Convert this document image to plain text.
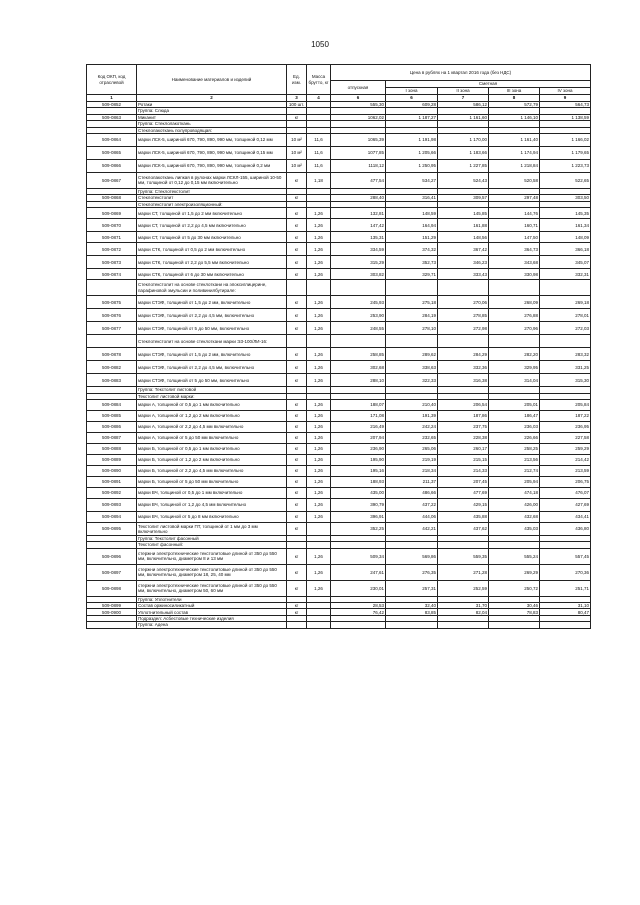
1050
Код ОКП, код отраслевой	Наименование материалов и изделий	Ед. изм.	Масса брутто, кг	Цена в рублях на 1 квартал 2016 года (без НДС)				
				отпускная	Сметная			
					I зона	II зона	III зона	IV зона
1	2	3	4	6	6	7	8	9
509-0852	Ротаки	100 шт.		555,30	609,28	586,12	572,79	564,73
	Группа: Слюда							
509-0863	Миканит	кг		1062,02	1 187,27	1 161,60	1 146,10	1 138,59
	Группа: Стеклолакоткань							
	Стеклолакоткань полупроводящая:							
509-0864	марки ЛСК-5, шириной 670, 790, 890, 990 мм, толщиной 0,12 мм	10 м²	11,6	1065,39	1 191,98	1 170,00	1 161,40	1 166,02
509-0865	марки ЛСК-5, шириной 670, 790, 890, 990 мм, толщиной 0,15 мм	10 м²	11,6	1077,85	1 205,66	1 183,66	1 174,94	1 179,65
509-0866	марки ЛСК-5, шириной 670, 790, 890, 990 мм, толщиной 0,2 мм	10 м²	11,6	1118,12	1 250,95	1 227,85	1 218,84	1 223,73
509-0867	Стеклолакоткань липкая в рулонах марки ЛСКЛ-155, шириной 10-50 мм, толщиной от 0,12 до 0,15 мм включительно	кг	1,18	477,54	534,27	524,43	520,58	522,65
	Группа: Стеклотекстолит							
509-0868	Стеклотекстолит	кг		288,40	316,41	309,57	297,48	303,50
	Стеклотекстолит электроизоляционный:							
509-0869	марки СТ, толщиной от 1,5 до 2 мм включительно	кг	1,26	132,81	148,59	145,85	144,76	145,35
509-0870	марки СТ, толщиной от 2,2 до 4,5 мм включительно	кг	1,26	147,42	164,94	161,88	160,71	161,34
509-0871	марки СТ, толщиной от 5 до 30 мм включительно	кг	1,26	135,31	151,29	148,56	147,50	148,09
509-0872	марки СТК, толщиной от 0,5 до 2 мм включительно	кг	1,26	334,59	374,32	367,42	364,73	366,18
509-0873	марки СТК, толщиной от 2,2 до 5,5 мм включительно	кг	1,26	315,29	352,73	346,23	343,68	345,07
509-0874	марки СТК, толщиной от 6 до 30 мм включительно	кг	1,26	303,82	329,71	333,43	330,98	332,31
	Стеклотекстолит на основе стеклоткани на эпоксиглицерине, парафиновой эмульсии и поливинилбутирале:							
509-0875	марки СТЭФ, толщиной от 1,5 до 2 мм, включительно	кг	1,26	245,93	275,18	270,06	268,09	269,18
509-0876	марки СТЭФ, толщиной от 2,2 до 4,5 мм, включительно	кг	1,26	253,90	284,19	278,85	276,88	278,01
509-0877	марки СТЭФ, толщиной от 5 до 50 мм, включительно	кг	1,26	248,55	278,10	272,98	270,96	272,03
	Стеклотекстолит на основе стеклоткани марки ЭЗ-100/ЛИ-16:							
509-0878	марки СТЭФ, толщиной от 1,5 до 2 мм, включительно	кг	1,26	258,85	289,62	284,29	282,20	283,32
509-0882	марки СТЭФ, толщиной от 2,2 до 4,5 мм, включительно	кг	1,26	302,68	338,63	332,36	329,95	331,25
509-0883	марки СТЭФ, толщиной от 5 до 50 мм, включительно	кг	1,26	288,10	322,33	316,38	314,04	315,30
	Группа: Текстолит листовой							
	Текстолит листовой марки:							
509-0884	марки А, толщиной от 0,5 до 1 мм включительно	кг	1,26	188,07	210,40	206,54	205,01	205,84
509-0885	марки А, толщиной от 1,2 до 2 мм включительно	кг	1,26	171,08	191,39	187,86	186,47	187,22
509-0886	марки А, толщиной от 2,2 до 4,5 мм включительно	кг	1,26	216,49	242,24	237,75	236,03	236,95
509-0887	марки А, толщиной от 5 до 50 мм включительно	кг	1,26	207,94	232,65	228,38	226,66	227,58
509-0888	марки Б, толщиной от 0,5 до 1 мм включительно	кг	1,26	236,90	265,06	260,17	258,25	259,29
509-0889	марки Б, толщиной от 1,2 до 2 мм включительно	кг	1,26	195,90	219,19	215,15	213,56	214,42
509-0890	марки Б, толщиной от 2,2 до 4,5 мм включительно	кг	1,26	195,16	218,34	214,33	212,74	213,59
509-0891	марки Б, толщиной от 5 до 50 мм включительно	кг	1,26	188,93	211,37	207,45	205,94	206,75
509-0892	марки ВЧ, толщиной от 0,5 до 1 мм включительно	кг	1,26	435,00	486,66	477,69	474,18	476,07
509-0893	марки ВЧ, толщиной от 1,2 до 4,5 мм включительно	кг	1,26	390,79	437,22	429,15	426,00	427,69
509-0894	марки ВЧ, толщиной от 5 до 8 мм включительно	кг	1,26	396,91	444,06	435,88	432,68	434,41
509-0895	Текстолит листовой марки ПТ, толщиной от 1 мм до 3 мм включительно	кг		352,25	442,21	437,62	435,03	436,80
	Группа: Текстолит фасонный							
	Текстолит фасонный:							
509-0896	стержни электротехнические текстолитовые длиной от 350 до 550 мм, включительно, диаметром 8 и 13 мм	кг	1,26	509,34	569,86	559,35	555,24	557,45
509-0897	стержни электротехнические текстолитовые длиной от 350 до 550 мм, включительно, диаметром 18, 25, 40 мм	кг	1,26	247,61	276,35	271,28	269,29	270,36
509-0898	стержни электротехнические текстолитовые длиной от 350 до 550 мм, включительно, диаметром 50, 60 мм	кг	1,26	230,01	257,31	252,59	250,72	251,71
	Группа: Уплотнители							
509-0899	Состав оржиносиликатный	кг		28,53	32,40	31,70	30,46	31,10
509-0900	Уплотнительный состав	кг		76,42	83,85	82,04	78,83	80,47
	Подраздел: Асбестовые технические изделия							
	Группа: Адена							
